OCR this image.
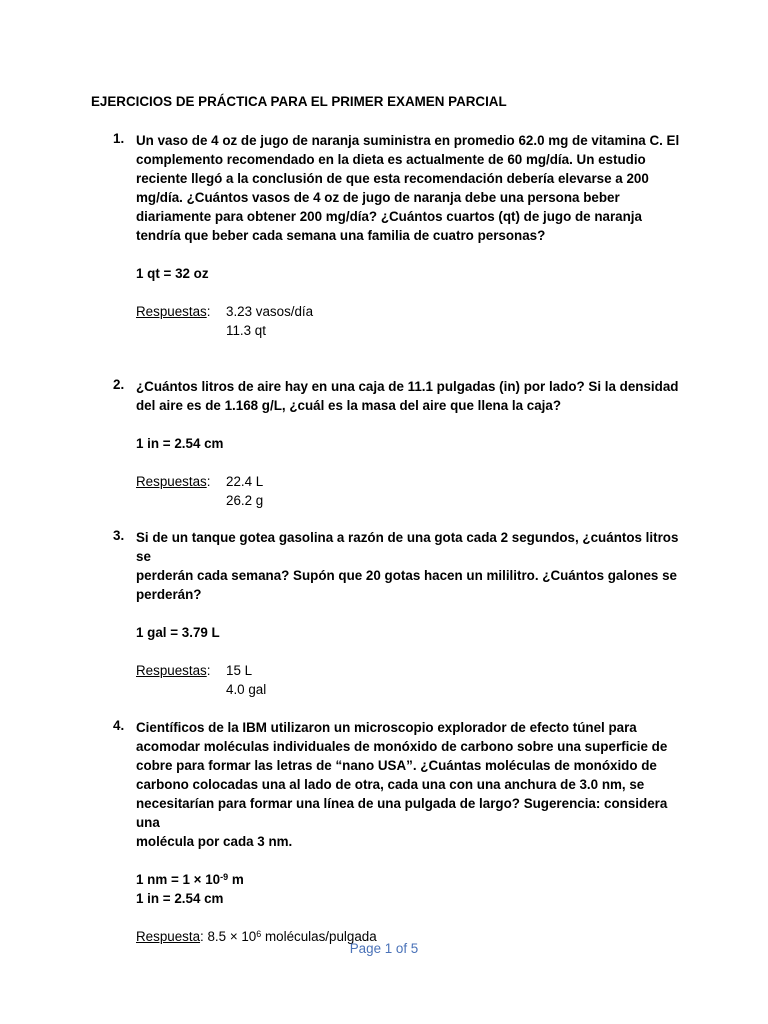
EJERCICIOS DE PRÁCTICA PARA EL PRIMER EXAMEN PARCIAL
1. Un vaso de 4 oz de jugo de naranja suministra en promedio 62.0 mg de vitamina C. El
complemento recomendado en la dieta es actualmente de 60 mg/día. Un estudio
reciente llegó a la conclusión de que esta recomendación debería elevarse a 200
mg/día. ¿Cuántos vasos de 4 oz de jugo de naranja debe una persona beber
diariamente para obtener 200 mg/día? ¿Cuántos cuartos (qt) de jugo de naranja
tendría que beber cada semana una familia de cuatro personas?
1 qt = 32 oz
Respuestas: 3.23 vasos/día
11.3 qt
2. ¿Cuántos litros de aire hay en una caja de 11.1 pulgadas (in) por lado? Si la densidad
del aire es de 1.168 g/L, ¿cuál es la masa del aire que llena la caja?
1 in = 2.54 cm
Respuestas: 22.4 L
26.2 g
3. Si de un tanque gotea gasolina a razón de una gota cada 2 segundos, ¿cuántos litros se
perderán cada semana? Supón que 20 gotas hacen un mililitro. ¿Cuántos galones se
perderán?
1 gal = 3.79 L
Respuestas: 15 L
4.0 gal
4. Científicos de la IBM utilizaron un microscopio explorador de efecto túnel para
acomodar moléculas individuales de monóxido de carbono sobre una superficie de
cobre para formar las letras de “nano USA”. ¿Cuántas moléculas de monóxido de
carbono colocadas una al lado de otra, cada una con una anchura de 3.0 nm, se
necesitarían para formar una línea de una pulgada de largo? Sugerencia: considera una
molécula por cada 3 nm.
1 nm = $1 \times 10^{-9}$ m
1 in = 2.54 cm
Respuesta: $8.5 \times 10^6$ moléculas/pulgada
Page 1 of 5
